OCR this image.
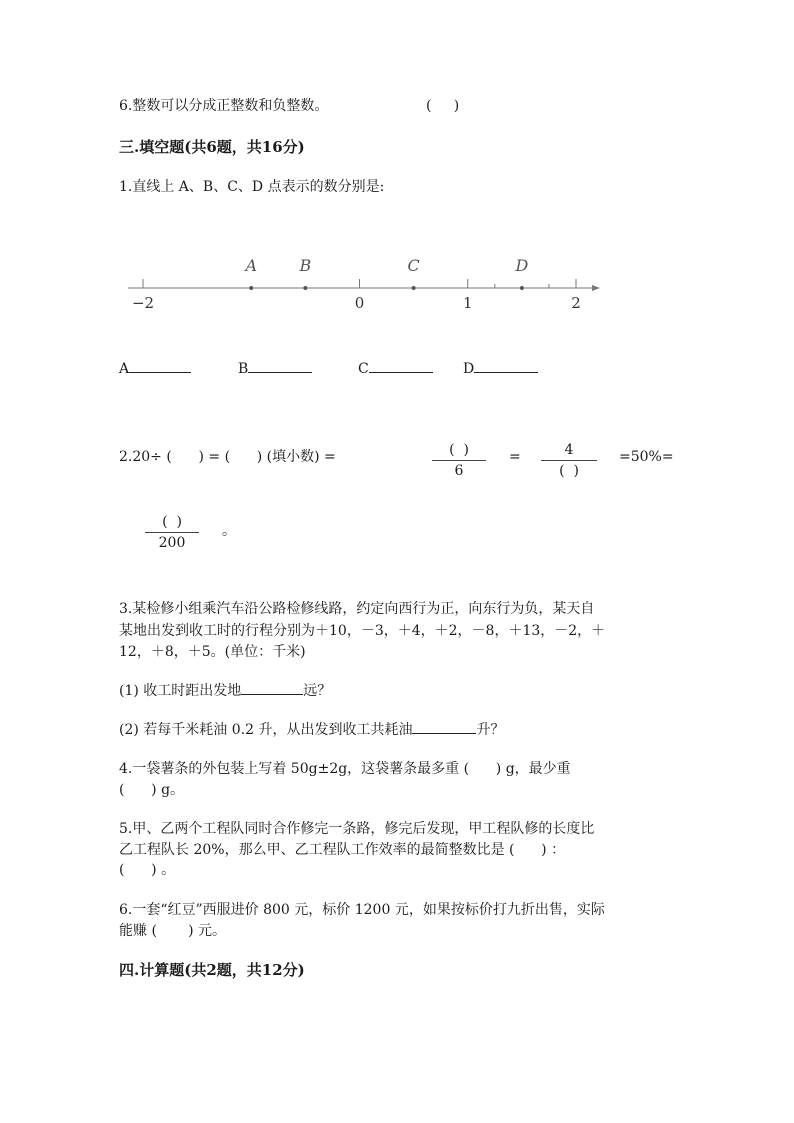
6.整数可以分成正整数和负整数。	(     )
三.填空题(共6题，共16分)
1.直线上 A、B、C、D 点表示的数分别是:
−2	0	1	2
A	B	C	D
A	B	C	D
2.20÷ (      ) = (      ) (填小数) =	(  )
6
=	4
(  )
=50%=
(  )
200
。
3.某检修小组乘汽车沿公路检修线路，约定向西行为正，向东行为负，某天自
某地出发到收工时的行程分别为＋10，－3，＋4，＋2，－8，＋13，－2，＋
12，＋8，＋5。(单位：千米)
(1) 收工时距出发地	远？
(2) 若每千米耗油 0.2 升，从出发到收工共耗油	升？
4.一袋薯条的外包装上写着 50g±2g，这袋薯条最多重 (      ) g，最少重
(      ) g。
5.甲、乙两个工程队同时合作修完一条路，修完后发现，甲工程队修的长度比
乙工程队长 20%，那么甲、乙工程队工作效率的最简整数比是 (      ) ：
(      ) 。
6.一套“红豆”西服进价 800 元，标价 1200 元，如果按标价打九折出售，实际
能赚 (       ) 元。
四.计算题(共2题，共12分)
